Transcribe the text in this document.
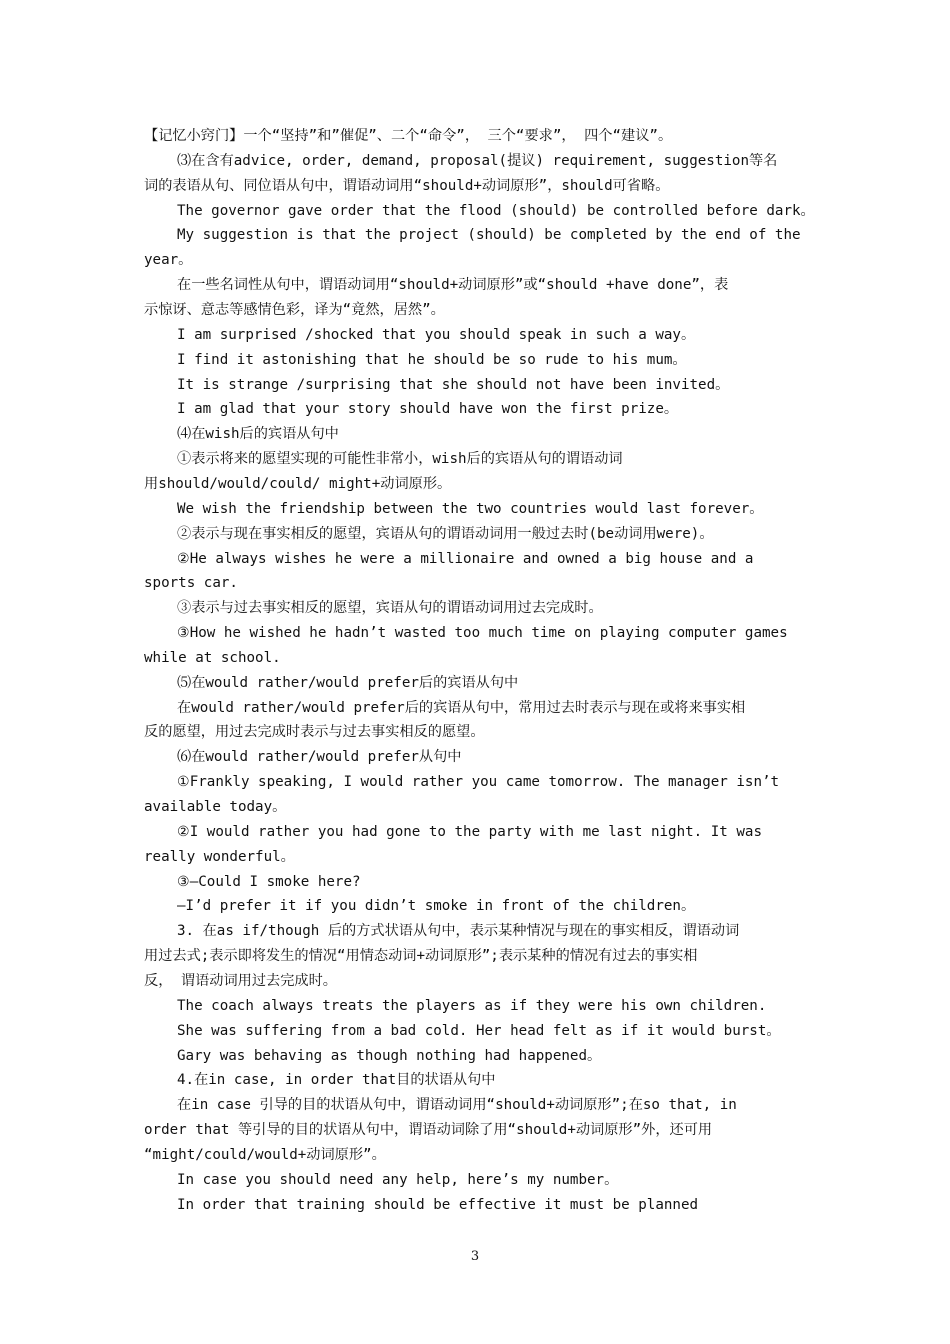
【记忆小窍门】一个“坚持”和”催促”、二个“命令”， 三个“要求”， 四个“建议”。
⑶在含有advice, order, demand, proposal(提议) requirement, suggestion等名
词的表语从句、同位语从句中，谓语动词用“should+动词原形”，should可省略。
The governor gave order that the flood (should) be controlled before dark。
My suggestion is that the project (should) be completed by the end of the
year。
在一些名词性从句中，谓语动词用“should+动词原形”或“should +have done”，表
示惊讶、意志等感情色彩，译为“竟然，居然”。
I am surprised /shocked that you should speak in such a way。
I find it astonishing that he should be so rude to his mum。
It is strange /surprising that she should not have been invited。
I am glad that your story should have won the first prize。
⑷在wish后的宾语从句中
①表示将来的愿望实现的可能性非常小，wish后的宾语从句的谓语动词
用should/would/could/ might+动词原形。
We wish the friendship between the two countries would last forever。
②表示与现在事实相反的愿望，宾语从句的谓语动词用一般过去时(be动词用were)。
②He always wishes he were a millionaire and owned a big house and a
sports car.
③表示与过去事实相反的愿望，宾语从句的谓语动词用过去完成时。
③How he wished he hadn’t wasted too much time on playing computer games
while at school.
⑸在would rather/would prefer后的宾语从句中
在would rather/would prefer后的宾语从句中，常用过去时表示与现在或将来事实相
反的愿望，用过去完成时表示与过去事实相反的愿望。
⑹在would rather/would prefer从句中
①Frankly speaking, I would rather you came tomorrow. The manager isn’t
available today。
②I would rather you had gone to the party with me last night. It was
really wonderful。
③—Could I smoke here?
—I’d prefer it if you didn’t smoke in front of the children。
3. 在as if/though 后的方式状语从句中，表示某种情况与现在的事实相反，谓语动词
用过去式;表示即将发生的情况“用情态动词+动词原形”;表示某种的情况有过去的事实相
反， 谓语动词用过去完成时。
The coach always treats the players as if they were his own children.
She was suffering from a bad cold. Her head felt as if it would burst。
Gary was behaving as though nothing had happened。
4.在in case, in order that目的状语从句中
在in case 引导的目的状语从句中，谓语动词用“should+动词原形”;在so that, in
order that 等引导的目的状语从句中，谓语动词除了用“should+动词原形”外，还可用
“might/could/would+动词原形”。
In case you should need any help, here’s my number。
In order that training should be effective it must be planned
3
